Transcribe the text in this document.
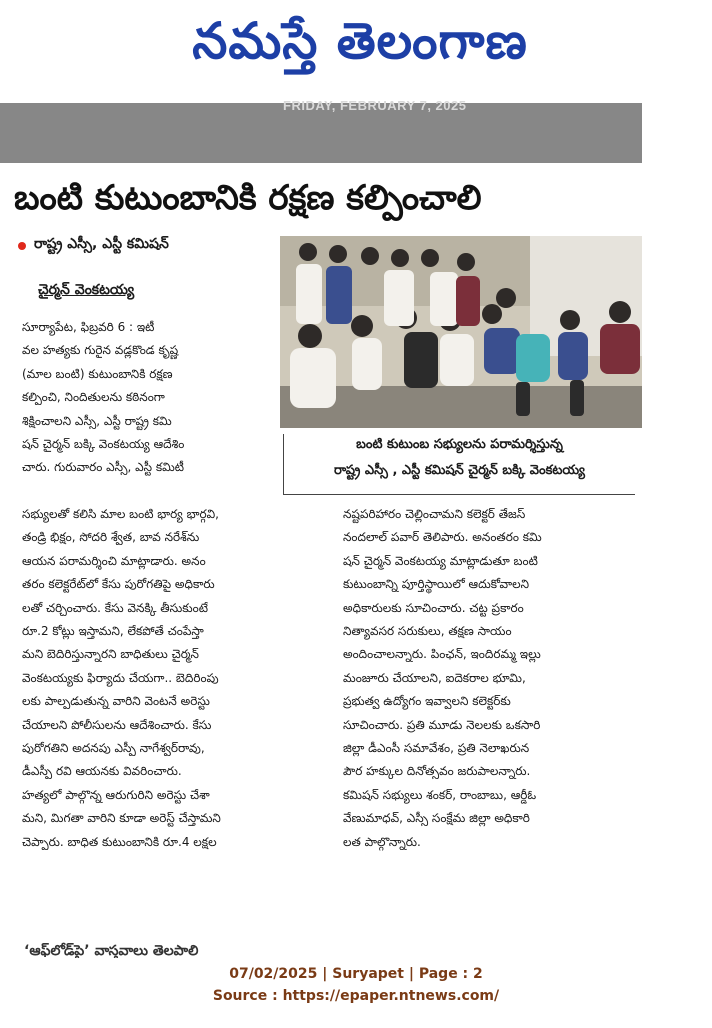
నమస్తే తెలంగాణ
FRIDAY, FEBRUARY 7, 2025
బంటి కుటుంబానికి రక్షణ కల్పించాలి
రాష్ట్ర ఎస్సీ, ఎస్టీ కమిషన్
చైర్మన్ వెంకటయ్య
బంటి కుటుంబ సభ్యులను పరామర్శిస్తున్న
రాష్ట్ర ఎస్సీ , ఎస్టీ కమిషన్ చైర్మన్ బక్కి వెంకటయ్య
సూర్యాపేట, ఫిబ్రవరి 6 : ఇటీ
వల హత్యకు గురైన వడ్లకొండ కృష్ణ
(మాల బంటి) కుటుంబానికి రక్షణ
కల్పించి, నిందితులను కఠినంగా
శిక్షించాలని ఎస్సీ, ఎస్టీ రాష్ట్ర కమి
షన్ చైర్మన్ బక్కి వెంకటయ్య ఆదేశిం
చారు. గురువారం ఎస్సీ, ఎస్టీ కమిటీ
సభ్యులతో కలిసి మాల బంటి భార్య భార్గవి,
తండ్రి భిక్షం, సోదరి శ్వేత, బావ నరేశ్‌ను
ఆయన పరామర్శించి మాట్లాడారు. అనం
తరం కలెక్టరేట్‌లో కేసు పురోగతిపై అధికారు
లతో చర్చించారు. కేసు వెనక్కి తీసుకుంటే
రూ.2 కోట్లు ఇస్తామని, లేకపోతే చంపేస్తా
మని బెదిరిస్తున్నారని బాధితులు చైర్మన్
వెంకటయ్యకు ఫిర్యాదు చేయగా.. బెదిరింపు
లకు పాల్పడుతున్న వారిని వెంటనే అరెస్టు
చేయాలని పోలీసులను ఆదేశించారు. కేసు
పురోగతిని అదనపు ఎస్పీ నాగేశ్వర్‌రావు,
డీఎస్పీ రవి ఆయనకు వివరించారు.
హత్యలో పాల్గొన్న ఆరుగురిని అరెస్టు చేశా
మని, మిగతా వారిని కూడా అరెస్ట్ చేస్తామని
చెప్పారు. బాధిత కుటుంబానికి రూ.4 లక్షల
నష్టపరిహారం చెల్లించామని కలెక్టర్ తేజస్
నందలాల్ పవార్ తెలిపారు. అనంతరం కమి
షన్ చైర్మన్ వెంకటయ్య మాట్లాడుతూ బంటి
కుటుంబాన్ని పూర్తిస్థాయిలో ఆదుకోవాలని
అధికారులకు సూచించారు. చట్ట ప్రకారం
నిత్యావసర సరుకులు, తక్షణ సాయం
అందించాలన్నారు. పింఛన్, ఇందిరమ్మ ఇల్లు
మంజూరు చేయాలని, ఐదెకరాల భూమి,
ప్రభుత్వ ఉద్యోగం ఇవ్వాలని కలెక్టర్‌కు
సూచించారు. ప్రతి మూడు నెలలకు ఒకసారి
జిల్లా డీఎంసీ సమావేశం, ప్రతి నెలాఖరున
పౌర హక్కుల దినోత్సవం జరుపాలన్నారు.
కమిషన్ సభ్యులు శంకర్, రాంబాబు, ఆర్డీఓ
వేణుమాధవ్, ఎస్సీ సంక్షేమ జిల్లా అధికారి
లత పాల్గొన్నారు.
‘ఆఫ్‌లోడ్‌పై’ వాస్తవాలు తెలపాలి
07/02/2025 | Suryapet | Page : 2
Source : https://epaper.ntnews.com/
